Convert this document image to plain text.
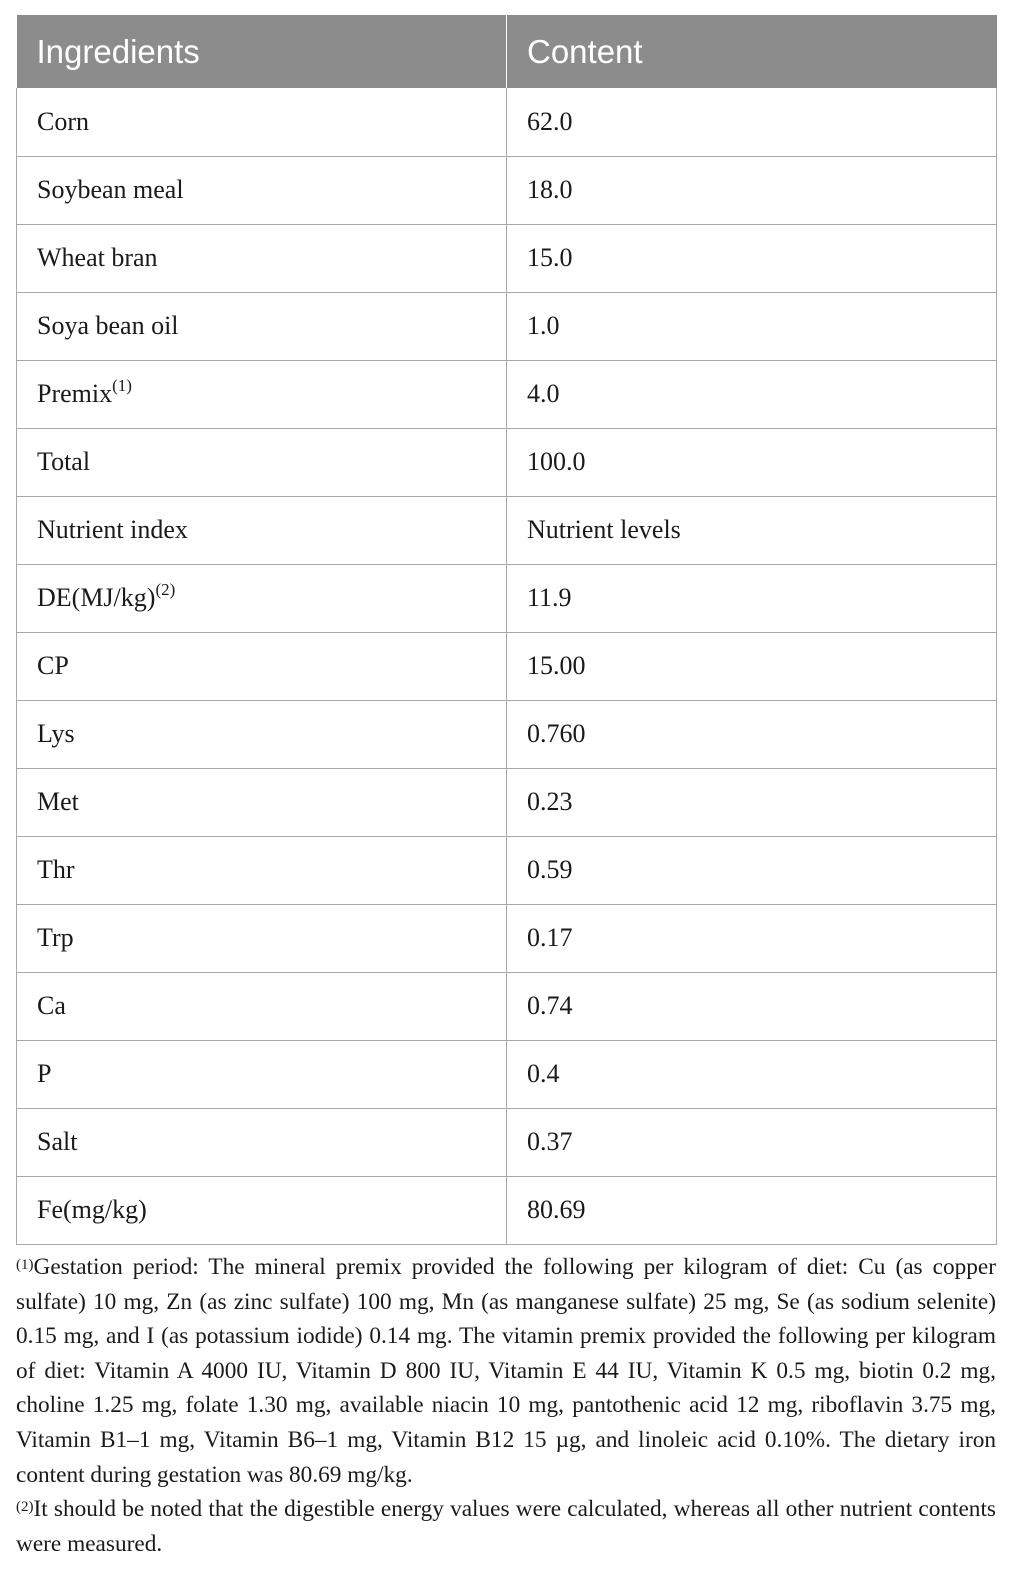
Ingredients	Content
Corn	62.0
Soybean meal	18.0
Wheat bran	15.0
Soya bean oil	1.0
Premix$^{(1)}$	4.0
Total	100.0
Nutrient index	Nutrient levels
$DE(MJ/kg)^{(2)}$	11.9
CP	15.00
Lys	0.760
Met	0.23
Thr	0.59
Trp	0.17
Ca	0.74
P	0.4
Salt	0.37
Fe(mg/kg)	80.69

$^{(1)}$Gestation period: The mineral premix provided the following per kilogram of diet: Cu (as copper sulfate) 10 mg, Zn (as zinc sulfate) 100 mg, Mn (as manganese sulfate) 25 mg, Se (as sodium selenite) 0.15 mg, and I (as potassium iodide) 0.14 mg. The vitamin premix provided the following per kilogram of diet: Vitamin A 4000 IU, Vitamin D 800 IU, Vitamin E 44 IU, Vitamin K 0.5 mg, biotin 0.2 mg, choline 1.25 mg, folate 1.30 mg, available niacin 10 mg, pantothenic acid 12 mg, riboflavin 3.75 mg, Vitamin B1–1 mg, Vitamin B6–1 mg, Vitamin B12 15 µg, and linoleic acid 0.10%. The dietary iron content during gestation was 80.69 mg/kg.

$^{(2)}$It should be noted that the digestible energy values were calculated, whereas all other nutrient contents were measured.
